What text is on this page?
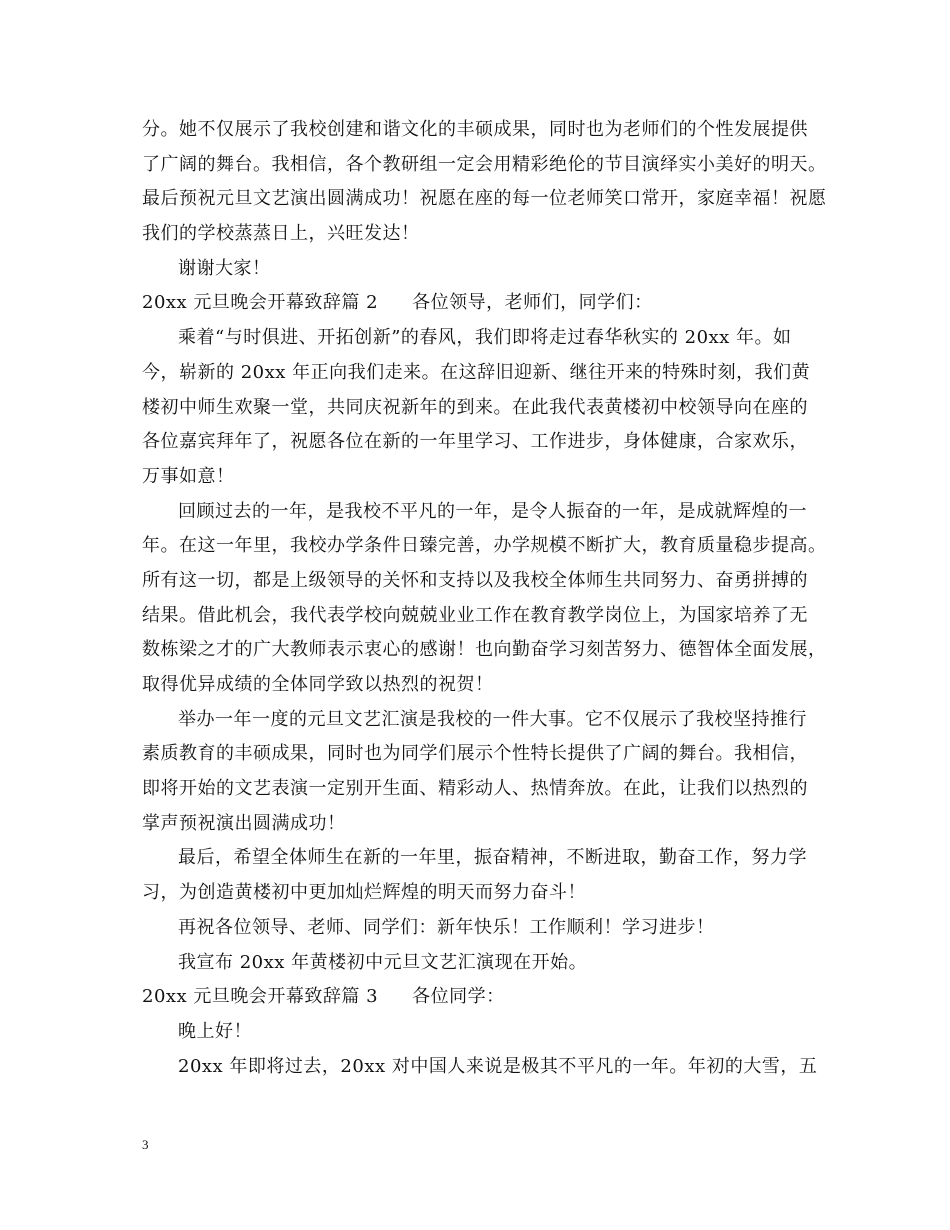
分。她不仅展示了我校创建和谐文化的丰硕成果，同时也为老师们的个性发展提供
了广阔的舞台。我相信，各个教研组一定会用精彩绝伦的节目演绎实小美好的明天。
最后预祝元旦文艺演出圆满成功！祝愿在座的每一位老师笑口常开，家庭幸福！祝愿
我们的学校蒸蒸日上，兴旺发达！
谢谢大家！
20xx 元旦晚会开幕致辞篇 2 各位领导，老师们，同学们：
乘着“与时俱进、开拓创新”的春风，我们即将走过春华秋实的 20xx 年。如
今，崭新的 20xx 年正向我们走来。在这辞旧迎新、继往开来的特殊时刻，我们黄
楼初中师生欢聚一堂，共同庆祝新年的到来。在此我代表黄楼初中校领导向在座的
各位嘉宾拜年了，祝愿各位在新的一年里学习、工作进步，身体健康，合家欢乐，
万事如意！
回顾过去的一年，是我校不平凡的一年，是令人振奋的一年，是成就辉煌的一
年。在这一年里，我校办学条件日臻完善，办学规模不断扩大，教育质量稳步提高。
所有这一切，都是上级领导的关怀和支持以及我校全体师生共同努力、奋勇拼搏的
结果。借此机会，我代表学校向兢兢业业工作在教育教学岗位上，为国家培养了无
数栋梁之才的广大教师表示衷心的感谢！也向勤奋学习刻苦努力、德智体全面发展，
取得优异成绩的全体同学致以热烈的祝贺！
举办一年一度的元旦文艺汇演是我校的一件大事。它不仅展示了我校坚持推行
素质教育的丰硕成果，同时也为同学们展示个性特长提供了广阔的舞台。我相信，
即将开始的文艺表演一定别开生面、精彩动人、热情奔放。在此，让我们以热烈的
掌声预祝演出圆满成功！
最后，希望全体师生在新的一年里，振奋精神，不断进取，勤奋工作，努力学
习，为创造黄楼初中更加灿烂辉煌的明天而努力奋斗！
再祝各位领导、老师、同学们：新年快乐！工作顺利！学习进步！
我宣布 20xx 年黄楼初中元旦文艺汇演现在开始。
20xx 元旦晚会开幕致辞篇 3 各位同学：
晚上好！
20xx 年即将过去，20xx 对中国人来说是极其不平凡的一年。年初的大雪，五
3
